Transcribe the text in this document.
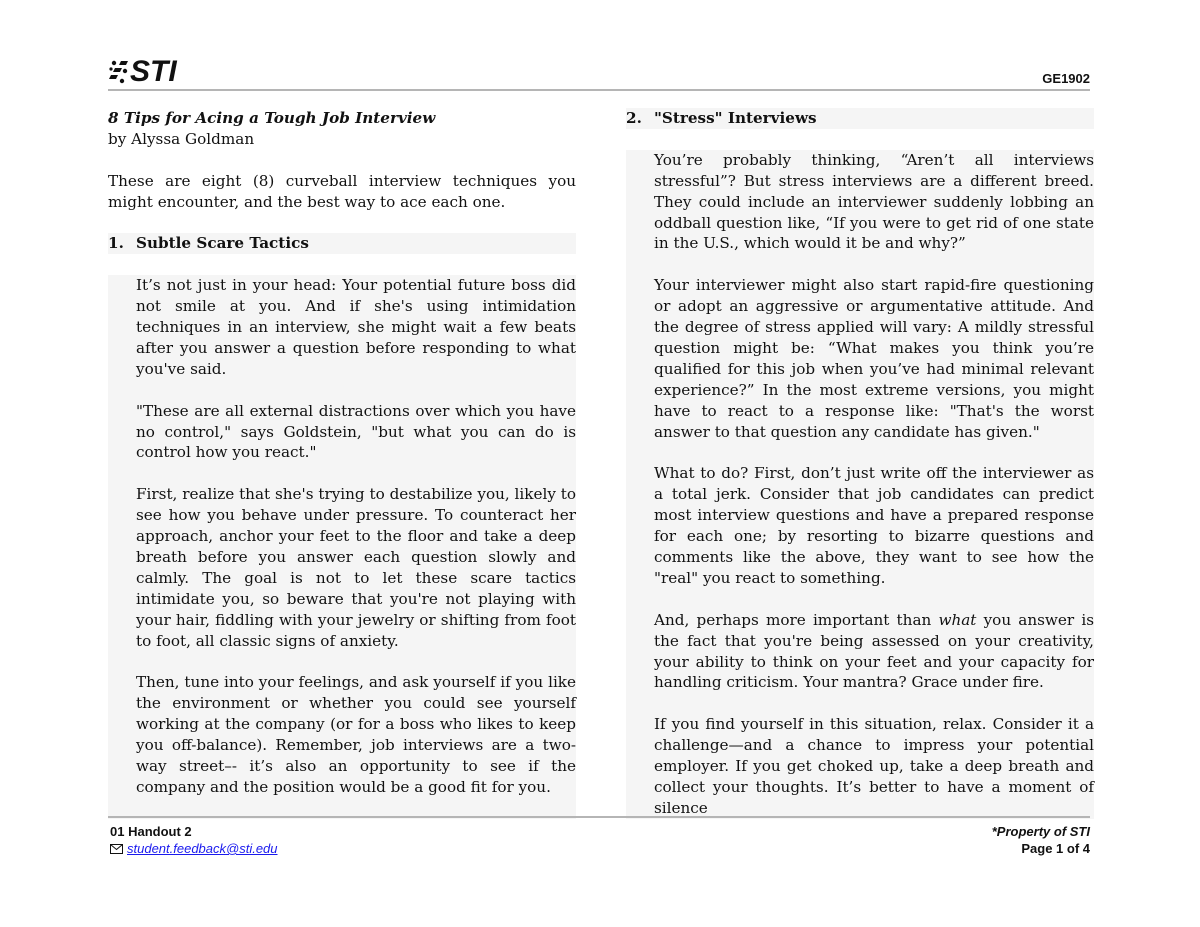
STI	GE1902

8 Tips for Acing a Tough Job Interview

by Alyssa Goldman

These are eight (8) curveball interview techniques you might encounter, and the best way to ace each one.

1. Subtle Scare Tactics

It’s not just in your head: Your potential future boss did not smile at you. And if she's using intimidation techniques in an interview, she might wait a few beats after you answer a question before responding to what you've said.

"These are all external distractions over which you have no control," says Goldstein, "but what you can do is control how you react."

First, realize that she's trying to destabilize you, likely to see how you behave under pressure. To counteract her approach, anchor your feet to the floor and take a deep breath before you answer each question slowly and calmly. The goal is not to let these scare tactics intimidate you, so beware that you're not playing with your hair, fiddling with your jewelry or shifting from foot to foot, all classic signs of anxiety.

Then, tune into your feelings, and ask yourself if you like the environment or whether you could see yourself working at the company (or for a boss who likes to keep you off-balance). Remember, job interviews are a two-way street–- it’s also an opportunity to see if the company and the position would be a good fit for you.

2. "Stress" Interviews

You’re probably thinking, “Aren’t all interviews stressful”? But stress interviews are a different breed. They could include an interviewer suddenly lobbing an oddball question like, “If you were to get rid of one state in the U.S., which would it be and why?”

Your interviewer might also start rapid-fire questioning or adopt an aggressive or argumentative attitude. And the degree of stress applied will vary: A mildly stressful question might be: “What makes you think you’re qualified for this job when you’ve had minimal relevant experience?” In the most extreme versions, you might have to react to a response like: "That's the worst answer to that question any candidate has given."

What to do? First, don’t just write off the interviewer as a total jerk. Consider that job candidates can predict most interview questions and have a prepared response for each one; by resorting to bizarre questions and comments like the above, they want to see how the "real" you react to something.

And, perhaps more important than what you answer is the fact that you're being assessed on your creativity, your ability to think on your feet and your capacity for handling criticism. Your mantra? Grace under fire.

If you find yourself in this situation, relax. Consider it a challenge—and a chance to impress your potential employer. If you get choked up, take a deep breath and collect your thoughts. It’s better to have a moment of silence

01 Handout 2
student.feedback@sti.edu
*Property of STI
Page 1 of 4
